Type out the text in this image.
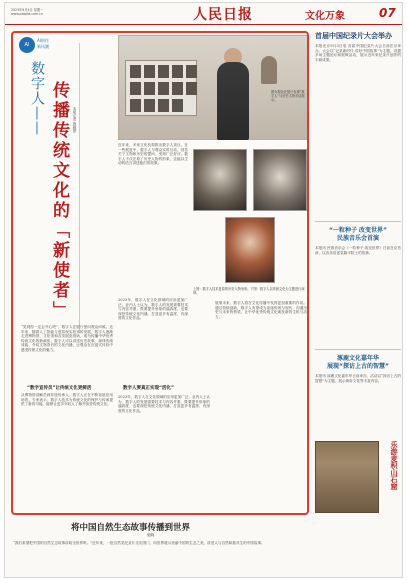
2023年9月4日 星期一
www.people.com.cn	人民日报	文化万象	07
AI
AI创作
新风潮
数字人—— 传播传统文化的「新使者」 本报记者 施晓慧
图为观众在展厅参观“数字人”与历史人物对话展示。
上图：数字人技术复原的历史人物形象。下图：数字人以传统文化为主题进行演绎。
近年来，多家文化机构推出数字人项目。在一些展览中，数字人与观众实时互动，回答关于文物和历史的提问，受到广泛好评。数字人不仅还原了历史人物的形象，还能以生动的语言讲述他们的故事。
“见到你一定会开心吧”，数字人在展厅里向观众问候。近年来，随着人工智能与虚拟现实技术的发展，数字人逐渐走进博物馆、文化馆和各类展览现场，成为传播中华优秀传统文化的新载体。数字人可以讲述历史故事、演绎传统戏曲、介绍文物背后的文化内涵，让观众在沉浸式体验中感受传统文化的魅力。
“数字宣传员”让传统文化更鲜活
从博物馆讲解员到非遗传承人，数字人正在不断拓展应用场景。专家表示，数字人技术为传统文化的保护与传承提供了新的可能，能够让更多年轻人了解并喜爱传统文化。
2023年，数字人在文化领域的应用更加广泛。业内人士认为，数字人的发展需要技术与内容并重，既要提升形象的逼真度，也要深挖传统文化内涵，打造更多有温度、有深度的文化作品。
数字人要真正实现“活化”
2023年，数字人在文化领域的应用更加广泛。业内人士认为，数字人的发展需要技术与内容并重，既要提升形象的逼真度，也要深挖传统文化内涵，打造更多有温度、有深度的文化作品。
展望未来，数字人将在文化传播中发挥更加重要的作用。通过持续创新，数字人有望成为连接传统与现代、沟通历史与未来的桥梁，让中华优秀传统文化焕发新的生机与活力。
首届中国纪录片大会举办
本报北京9月3日电 首届中国纪录片大会日前在京举办。大会以“记录新时代 讲好中国故事”为主题，设置多场主题论坛和展映活动，展示近年来纪录片创作的丰硕成果。
“一粒种子 改变世界”
民族音乐会首演
本报讯 民族音乐会《一粒种子 改变世界》日前在京首演，以音乐讲述袁隆平院士的故事。
涿鹿文化嘉年华
展现“探访上古的智慧”
本报讯 涿鹿文化嘉年华日前举办，活动以“探访上古的智慧”为主题，展示黄帝文化等丰富内容。
乐游麦积山石窟
将中国自然生态故事传播到世界
施晓
“我们希望把中国的自然生态故事讲给全世界听。”近年来，一批自然类纪录片走出国门，向世界展示美丽中国的生态之美，讲述人与自然和谐共生的中国故事。
